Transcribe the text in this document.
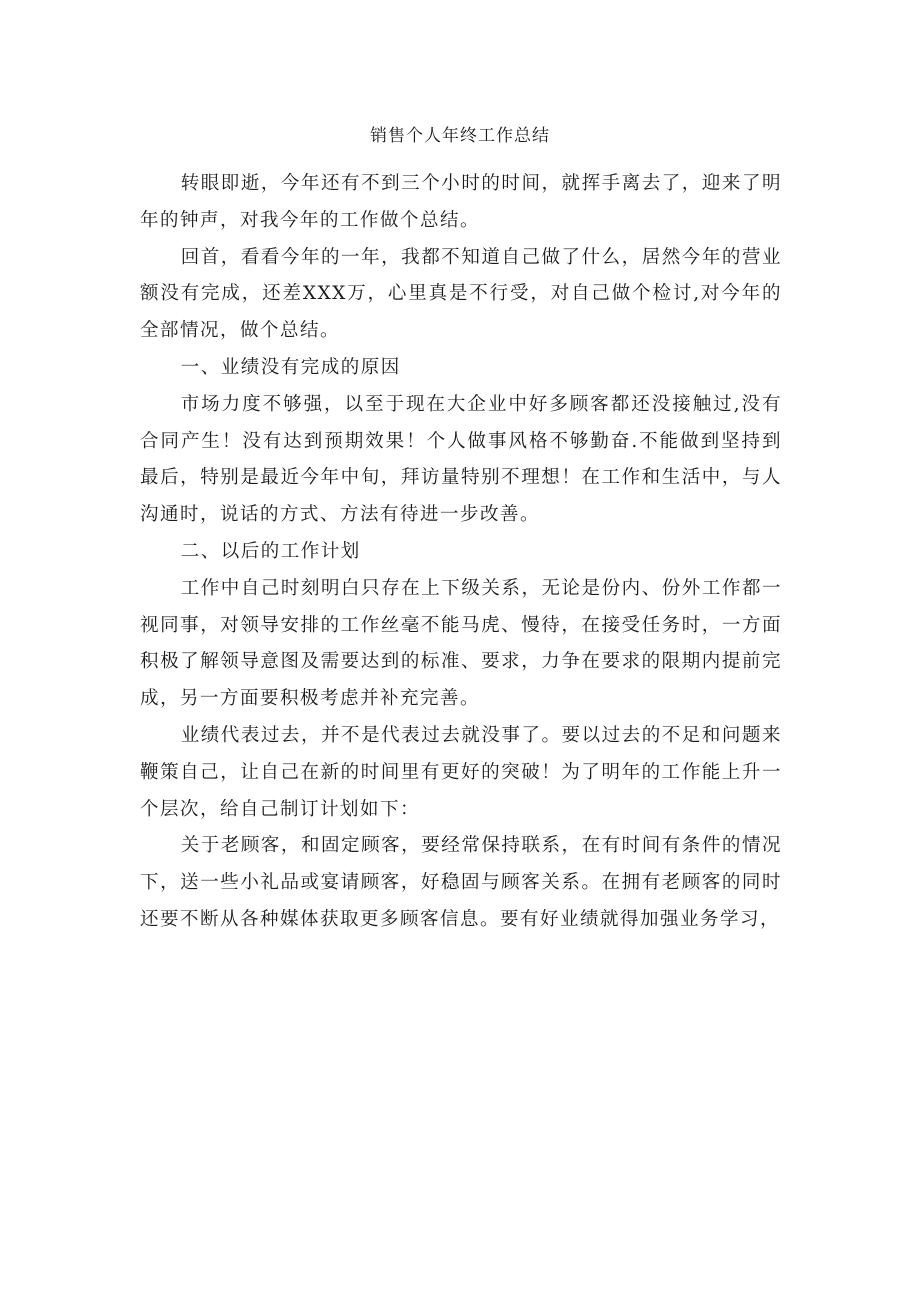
销售个人年终工作总结

转眼即逝，今年还有不到三个小时的时间，就挥手离去了，迎来了明年的钟声，对我今年的工作做个总结。

回首，看看今年的一年，我都不知道自己做了什么，居然今年的营业额没有完成，还差XXX万，心里真是不行受，对自己做个检讨,对今年的全部情况，做个总结。

一、业绩没有完成的原因

市场力度不够强，以至于现在大企业中好多顾客都还没接触过,没有合同产生！没有达到预期效果！个人做事风格不够勤奋.不能做到坚持到最后，特别是最近今年中旬，拜访量特别不理想！在工作和生活中，与人沟通时，说话的方式、方法有待进一步改善。

二、以后的工作计划

工作中自己时刻明白只存在上下级关系，无论是份内、份外工作都一视同事，对领导安排的工作丝毫不能马虎、慢待，在接受任务时，一方面积极了解领导意图及需要达到的标准、要求，力争在要求的限期内提前完成，另一方面要积极考虑并补充完善。

业绩代表过去，并不是代表过去就没事了。要以过去的不足和问题来鞭策自己，让自己在新的时间里有更好的突破！为了明年的工作能上升一个层次，给自己制订计划如下：

关于老顾客，和固定顾客，要经常保持联系，在有时间有条件的情况下，送一些小礼品或宴请顾客，好稳固与顾客关系。在拥有老顾客的同时还要不断从各种媒体获取更多顾客信息。要有好业绩就得加强业务学习，
